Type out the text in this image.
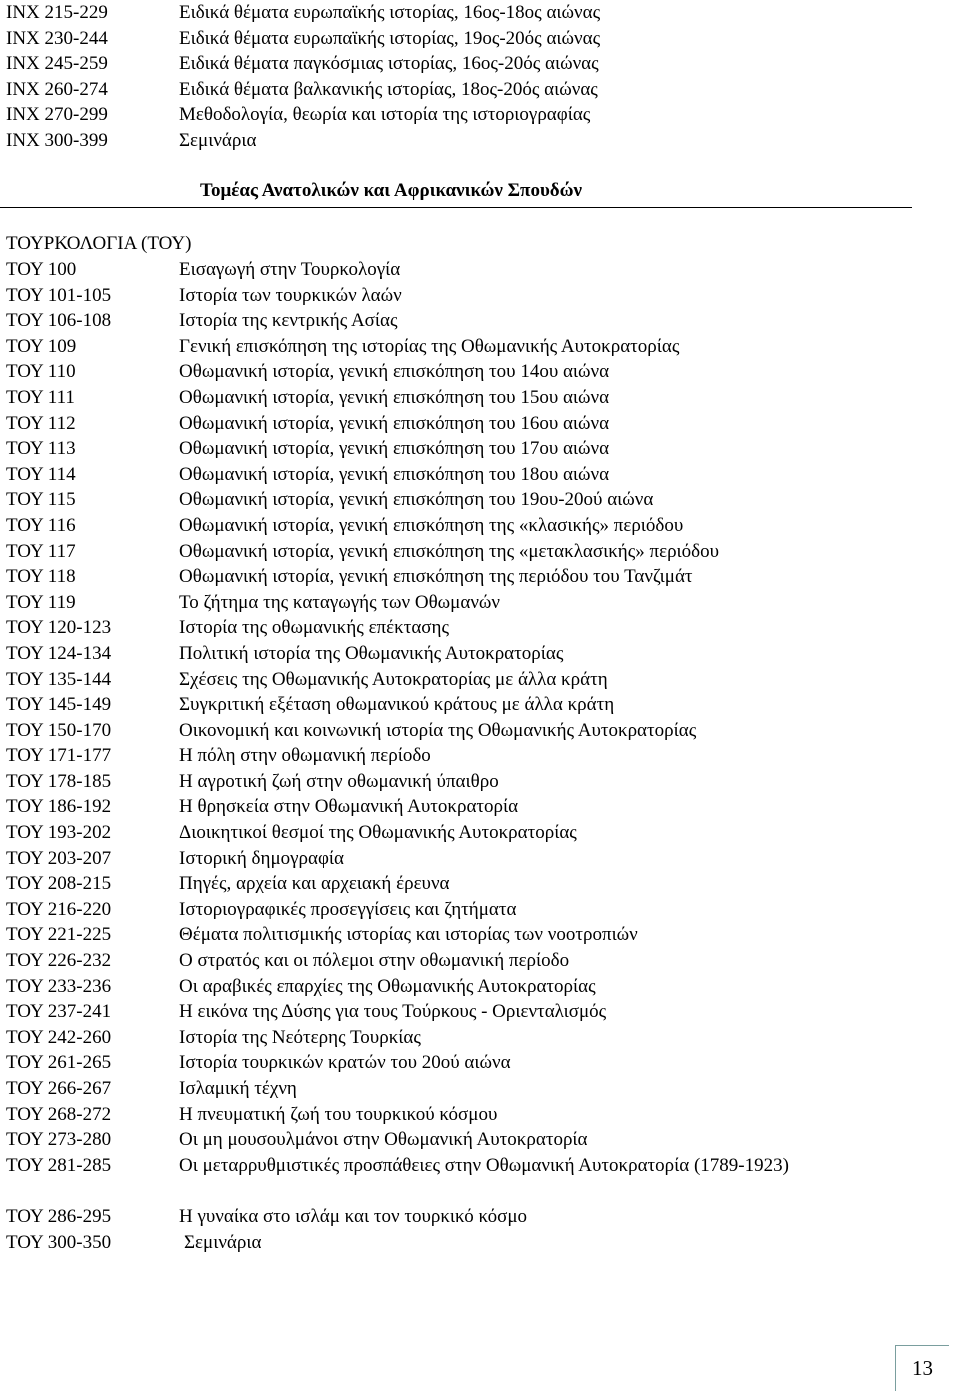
ΙΝΧ 215-229	Ειδικά θέματα ευρωπαϊκής ιστορίας, 16ος-18ος αιώνας
ΙΝΧ 230-244	Ειδικά θέματα ευρωπαϊκής ιστορίας, 19ος-20ός αιώνας
ΙΝΧ 245-259	Ειδικά θέματα παγκόσμιας ιστορίας, 16ος-20ός αιώνας
ΙΝΧ 260-274	Ειδικά θέματα βαλκανικής ιστορίας, 18ος-20ός αιώνας
ΙΝΧ 270-299	Μεθοδολογία, θεωρία και ιστορία της ιστοριογραφίας
ΙΝΧ 300-399	Σεμινάρια
Τομέας Ανατολικών και Αφρικανικών Σπουδών
ΤΟΥΡΚΟΛΟΓΙΑ (ΤΟΥ)
ΤΟΥ 100	Εισαγωγή στην Τουρκολογία
ΤΟΥ 101-105	Ιστορία των τουρκικών λαών
ΤΟΥ 106-108	Ιστορία της κεντρικής Ασίας
ΤΟΥ 109	Γενική επισκόπηση της ιστορίας της Οθωμανικής Αυτοκρατορίας
ΤΟΥ 110	Οθωμανική ιστορία, γενική επισκόπηση του 14ου αιώνα
ΤΟΥ 111	Οθωμανική ιστορία, γενική επισκόπηση του 15ου αιώνα
ΤΟΥ 112	Οθωμανική ιστορία, γενική επισκόπηση του 16ου αιώνα
ΤΟΥ 113	Οθωμανική ιστορία, γενική επισκόπηση του 17ου αιώνα
ΤΟΥ 114	Οθωμανική ιστορία, γενική επισκόπηση του 18ου αιώνα
ΤΟΥ 115	Οθωμανική ιστορία, γενική επισκόπηση του 19ου-20ού αιώνα
ΤΟΥ 116	Οθωμανική ιστορία, γενική επισκόπηση της «κλασικής» περιόδου
ΤΟΥ 117	Οθωμανική ιστορία, γενική επισκόπηση της «μετακλασικής» περιόδου
ΤΟΥ 118	Οθωμανική ιστορία, γενική επισκόπηση της περιόδου του Τανζιμάτ
ΤΟΥ 119	Το ζήτημα της καταγωγής των Οθωμανών
ΤΟΥ 120-123	Ιστορία της οθωμανικής επέκτασης
ΤΟΥ 124-134	Πολιτική ιστορία της Οθωμανικής Αυτοκρατορίας
ΤΟΥ 135-144	Σχέσεις της Οθωμανικής Αυτοκρατορίας με άλλα κράτη
ΤΟΥ 145-149	Συγκριτική εξέταση οθωμανικού κράτους με άλλα κράτη
ΤΟΥ 150-170	Οικονομική και κοινωνική ιστορία της Οθωμανικής Αυτοκρατορίας
ΤΟΥ 171-177	Η πόλη στην οθωμανική περίοδο
ΤΟΥ 178-185	Η αγροτική ζωή στην οθωμανική ύπαιθρο
ΤΟΥ 186-192	Η θρησκεία στην Οθωμανική Αυτοκρατορία
ΤΟΥ 193-202	Διοικητικοί θεσμοί της Οθωμανικής Αυτοκρατορίας
ΤΟΥ 203-207	Ιστορική δημογραφία
ΤΟΥ 208-215	Πηγές, αρχεία και αρχειακή έρευνα
ΤΟΥ 216-220	Ιστοριογραφικές προσεγγίσεις και ζητήματα
ΤΟΥ 221-225	Θέματα πολιτισμικής ιστορίας και ιστορίας των νοοτροπιών
ΤΟΥ 226-232	Ο στρατός και οι πόλεμοι στην οθωμανική περίοδο
ΤΟΥ 233-236	Οι αραβικές επαρχίες της Οθωμανικής Αυτοκρατορίας
ΤΟΥ 237-241	Η εικόνα της Δύσης για τους Τούρκους - Οριενταλισμός
ΤΟΥ 242-260	Ιστορία της Νεότερης Τουρκίας
ΤΟΥ 261-265	Ιστορία τουρκικών κρατών του 20ού αιώνα
ΤΟΥ 266-267	Ισλαμική τέχνη
ΤΟΥ 268-272	Η πνευματική ζωή του τουρκικού κόσμου
ΤΟΥ 273-280	Οι μη μουσουλμάνοι στην Οθωμανική Αυτοκρατορία
ΤΟΥ 281-285	Οι μεταρρυθμιστικές προσπάθειες στην Οθωμανική Αυτοκρατορία (1789-1923)
ΤΟΥ 286-295	Η γυναίκα στο ισλάμ και τον τουρκικό κόσμο
ΤΟΥ 300-350	Σεμινάρια
13
